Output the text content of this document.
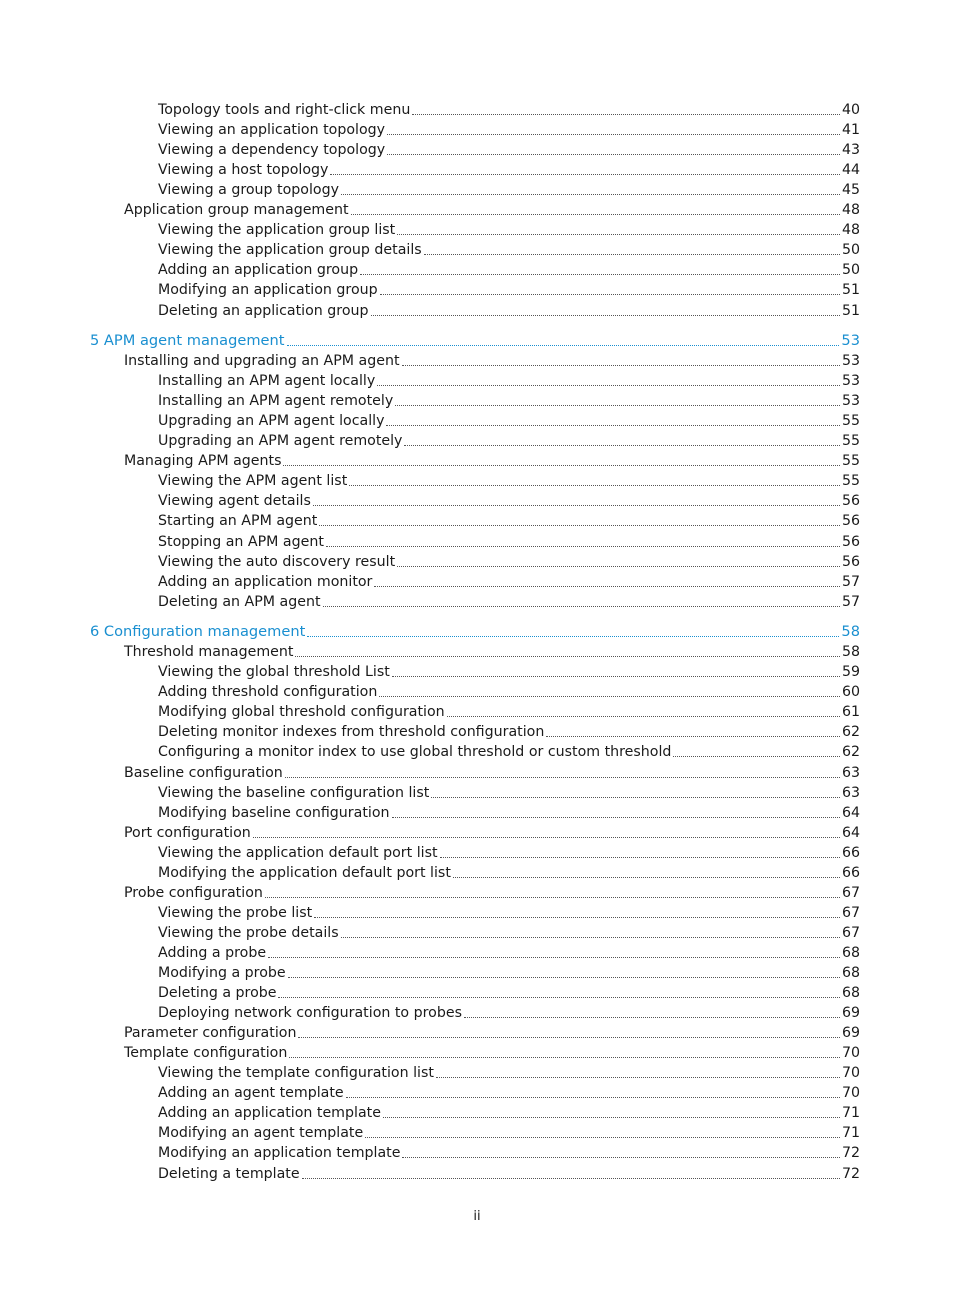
Topology tools and right-click menu	40
Viewing an application topology	41
Viewing a dependency topology	43
Viewing a host topology	44
Viewing a group topology	45
Application group management	48
Viewing the application group list	48
Viewing the application group details	50
Adding an application group	50
Modifying an application group	51
Deleting an application group	51
5 APM agent management	53
Installing and upgrading an APM agent	53
Installing an APM agent locally	53
Installing an APM agent remotely	53
Upgrading an APM agent locally	55
Upgrading an APM agent remotely	55
Managing APM agents	55
Viewing the APM agent list	55
Viewing agent details	56
Starting an APM agent	56
Stopping an APM agent	56
Viewing the auto discovery result	56
Adding an application monitor	57
Deleting an APM agent	57
6 Configuration management	58
Threshold management	58
Viewing the global threshold List	59
Adding threshold configuration	60
Modifying global threshold configuration	61
Deleting monitor indexes from threshold configuration	62
Configuring a monitor index to use global threshold or custom threshold	62
Baseline configuration	63
Viewing the baseline configuration list	63
Modifying baseline configuration	64
Port configuration	64
Viewing the application default port list	66
Modifying the application default port list	66
Probe configuration	67
Viewing the probe list	67
Viewing the probe details	67
Adding a probe	68
Modifying a probe	68
Deleting a probe	68
Deploying network configuration to probes	69
Parameter configuration	69
Template configuration	70
Viewing the template configuration list	70
Adding an agent template	70
Adding an application template	71
Modifying an agent template	71
Modifying an application template	72
Deleting a template	72
ii
